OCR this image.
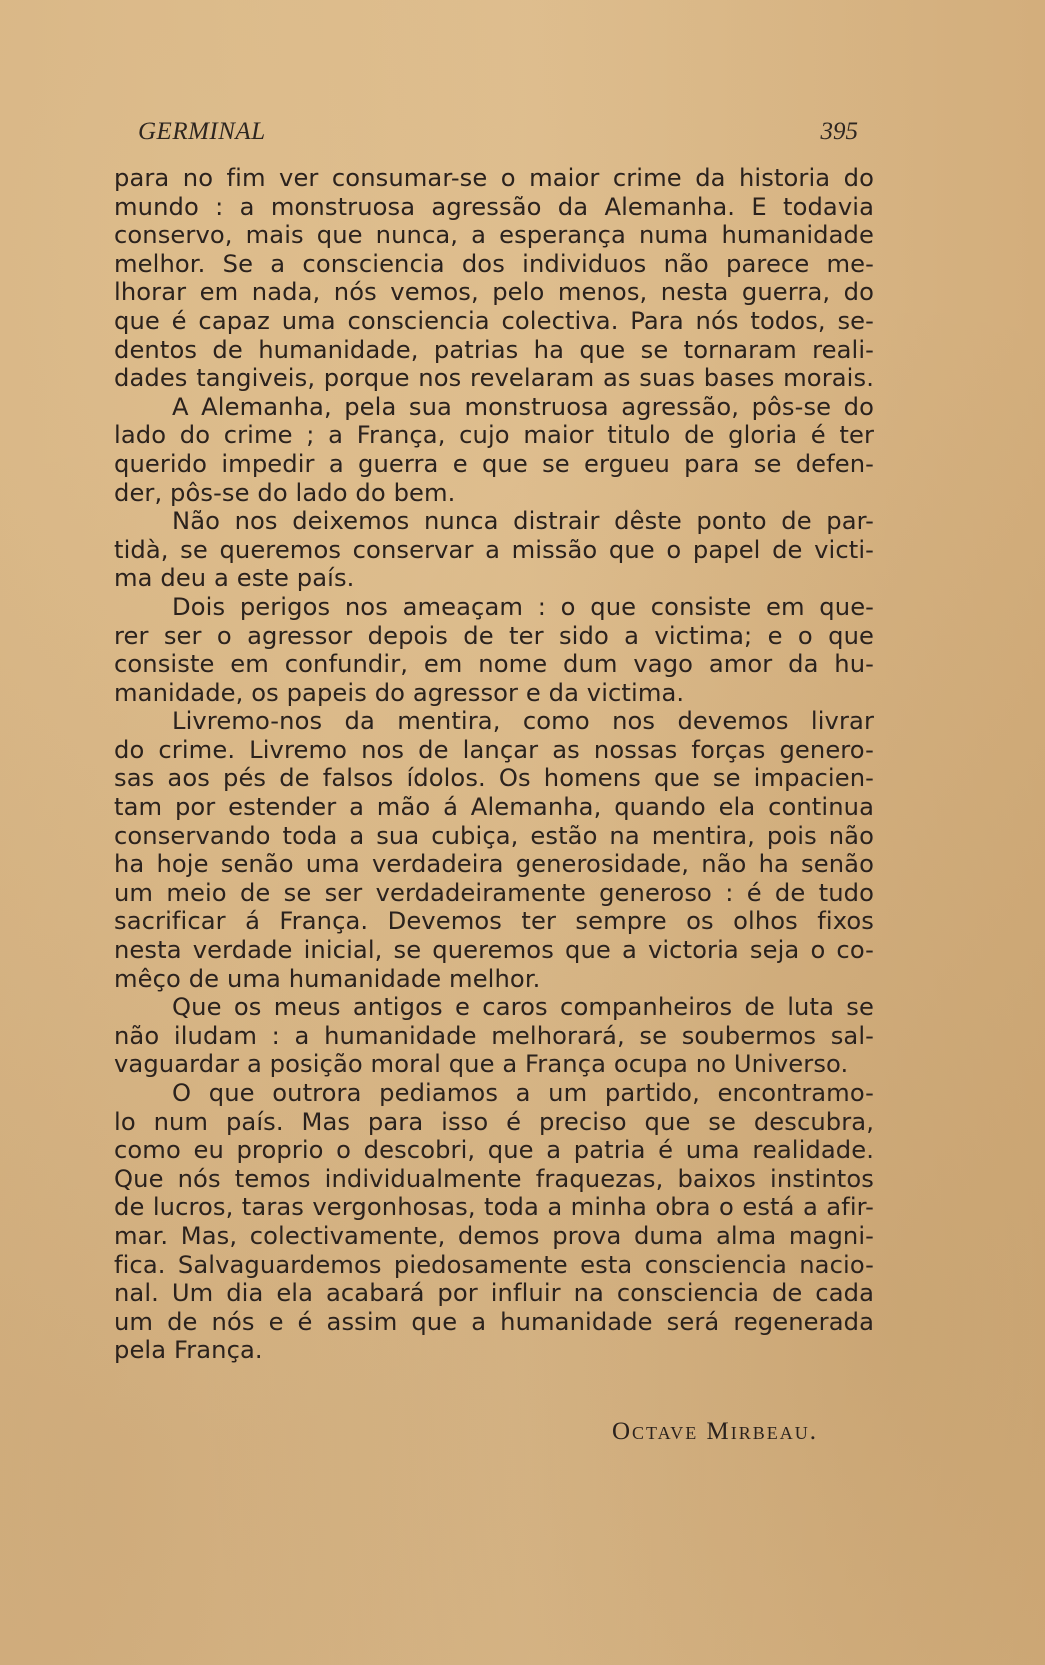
GERMINAL	395
para no fim ver consumar-se o maior crime da historia do
mundo : a monstruosa agressão da Alemanha. E todavia
conservo, mais que nunca, a esperança numa humanidade
melhor. Se a consciencia dos individuos não parece me-
lhorar em nada, nós vemos, pelo menos, nesta guerra, do
que é capaz uma consciencia colectiva. Para nós todos, se-
dentos de humanidade, patrias ha que se tornaram reali-
dades tangiveis, porque nos revelaram as suas bases morais.
A Alemanha, pela sua monstruosa agressão, pôs-se do
lado do crime ; a França, cujo maior titulo de gloria é ter
querido impedir a guerra e que se ergueu para se defen-
der, pôs-se do lado do bem.
Não nos deixemos nunca distrair dêste ponto de par-
tidà, se queremos conservar a missão que o papel de victi-
ma deu a este país.
Dois perigos nos ameaçam : o que consiste em que-
rer ser o agressor depois de ter sido a victima; e o que
consiste em confundir, em nome dum vago amor da hu-
manidade, os papeis do agressor e da victima.
Livremo-nos da mentira, como nos devemos livrar
do crime. Livremo nos de lançar as nossas forças genero-
sas aos pés de falsos ídolos. Os homens que se impacien-
tam por estender a mão á Alemanha, quando ela continua
conservando toda a sua cubiça, estão na mentira, pois não
ha hoje senão uma verdadeira generosidade, não ha senão
um meio de se ser verdadeiramente generoso : é de tudo
sacrificar á França. Devemos ter sempre os olhos fixos
nesta verdade inicial, se queremos que a victoria seja o co-
mêço de uma humanidade melhor.
Que os meus antigos e caros companheiros de luta se
não iludam : a humanidade melhorará, se soubermos sal-
vaguardar a posição moral que a França ocupa no Universo.
O que outrora pediamos a um partido, encontramo-
lo num país. Mas para isso é preciso que se descubra,
como eu proprio o descobri, que a patria é uma realidade.
Que nós temos individualmente fraquezas, baixos instintos
de lucros, taras vergonhosas, toda a minha obra o está a afir-
mar. Mas, colectivamente, demos prova duma alma magni-
fica. Salvaguardemos piedosamente esta consciencia nacio-
nal. Um dia ela acabará por influir na consciencia de cada
um de nós e é assim que a humanidade será regenerada
pela França.
Octave Mirbeau.
